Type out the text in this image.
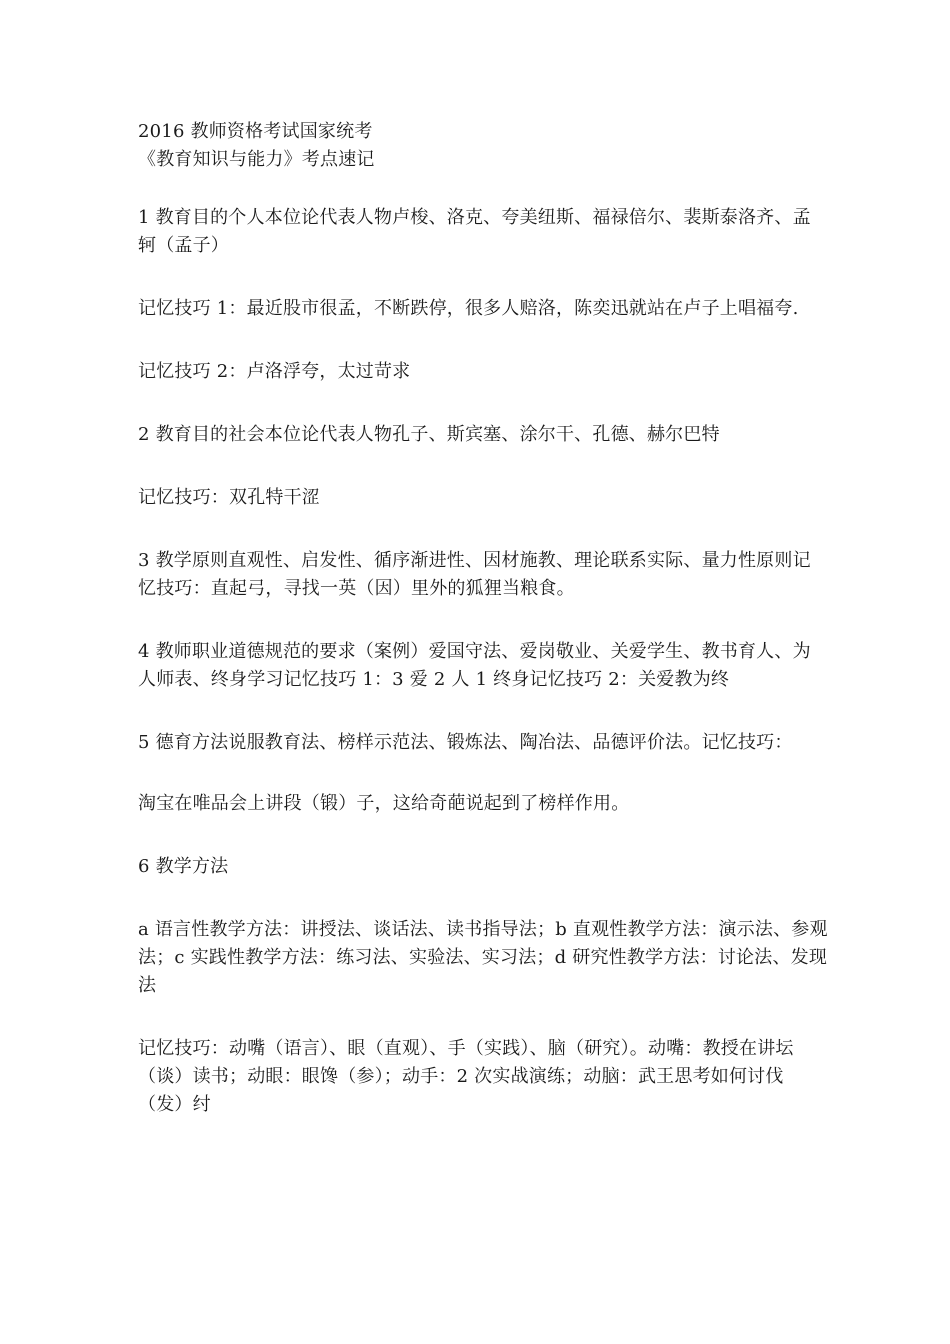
2016 教师资格考试国家统考

《教育知识与能力》考点速记

1 教育目的个人本位论代表人物卢梭、洛克、夸美纽斯、福禄倍尔、裴斯泰洛齐、孟轲（孟子）

记忆技巧 1：最近股市很孟，不断跌停，很多人赔洛，陈奕迅就站在卢子上唱福夸.

记忆技巧 2：卢洛浮夸，太过苛求

2 教育目的社会本位论代表人物孔子、斯宾塞、涂尔干、孔德、赫尔巴特

记忆技巧：双孔特干涩

3 教学原则直观性、启发性、循序渐进性、因材施教、理论联系实际、量力性原则记忆技巧：直起弓，寻找一英（因）里外的狐狸当粮食。

4 教师职业道德规范的要求（案例）爱国守法、爱岗敬业、关爱学生、教书育人、为人师表、终身学习记忆技巧 1：3 爱 2 人 1 终身记忆技巧 2：关爱教为终

5 德育方法说服教育法、榜样示范法、锻炼法、陶冶法、品德评价法。记忆技巧：

淘宝在唯品会上讲段（锻）子，这给奇葩说起到了榜样作用。

6 教学方法

a 语言性教学方法：讲授法、谈话法、读书指导法；b 直观性教学方法：演示法、参观法；c 实践性教学方法：练习法、实验法、实习法；d 研究性教学方法：讨论法、发现法

记忆技巧：动嘴（语言）、眼（直观）、手（实践）、脑（研究）。动嘴：教授在讲坛（谈）读书；动眼：眼馋（参）；动手：2 次实战演练；动脑：武王思考如何讨伐（发）纣
